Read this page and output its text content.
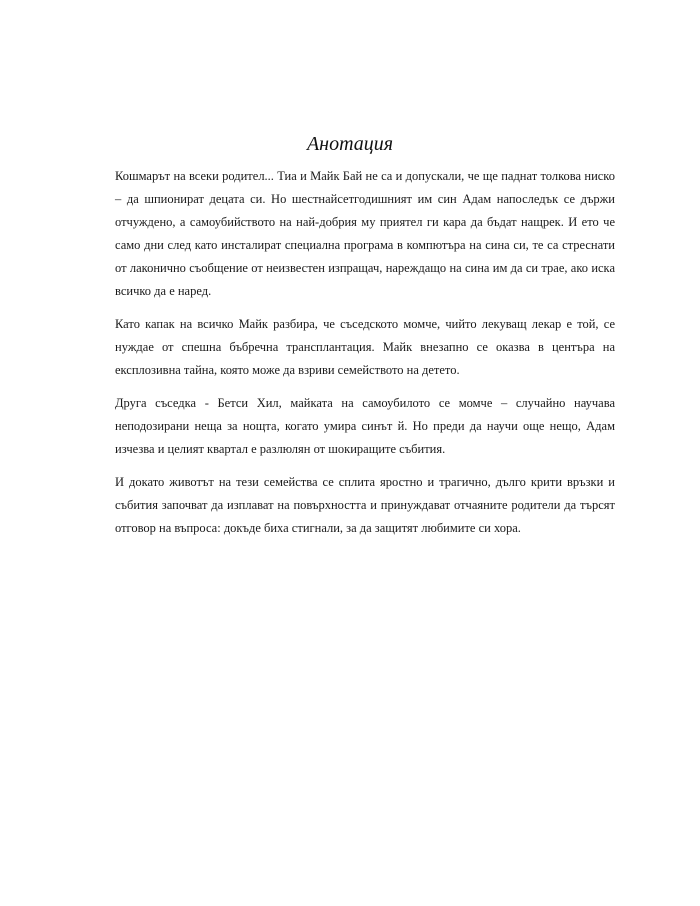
Анотация

Кошмарът на всеки родител... Тиа и Майк Бай не са и допускали, че ще паднат толкова ниско – да шпионират децата си. Но шестнайсетгодишният им син Адам напоследък се държи отчуждено, а самоубийството на най-добрия му приятел ги кара да бъдат нащрек. И ето че само дни след като инсталират специална програма в компютъра на сина си, те са стреснати от лаконично съобщение от неизвестен изпращач, нареждащо на сина им да си трае, ако иска всичко да е наред.

Като капак на всичко Майк разбира, че съседското момче, чийто лекуващ лекар е той, се нуждае от спешна бъбречна трансплантация. Майк внезапно се оказва в центъра на експлозивна тайна, която може да взриви семейството на детето.

Друга съседка - Бетси Хил, майката на самоубилото се момче – случайно научава неподозирани неща за нощта, когато умира синът й. Но преди да научи още нещо, Адам изчезва и целият квартал е разлюлян от шокиращите събития.

И докато животът на тези семейства се сплита яростно и трагично, дълго крити връзки и събития започват да изплават на повърхността и принуждават отчаяните родители да търсят отговор на въпроса: докъде биха стигнали, за да защитят любимите си хора.
